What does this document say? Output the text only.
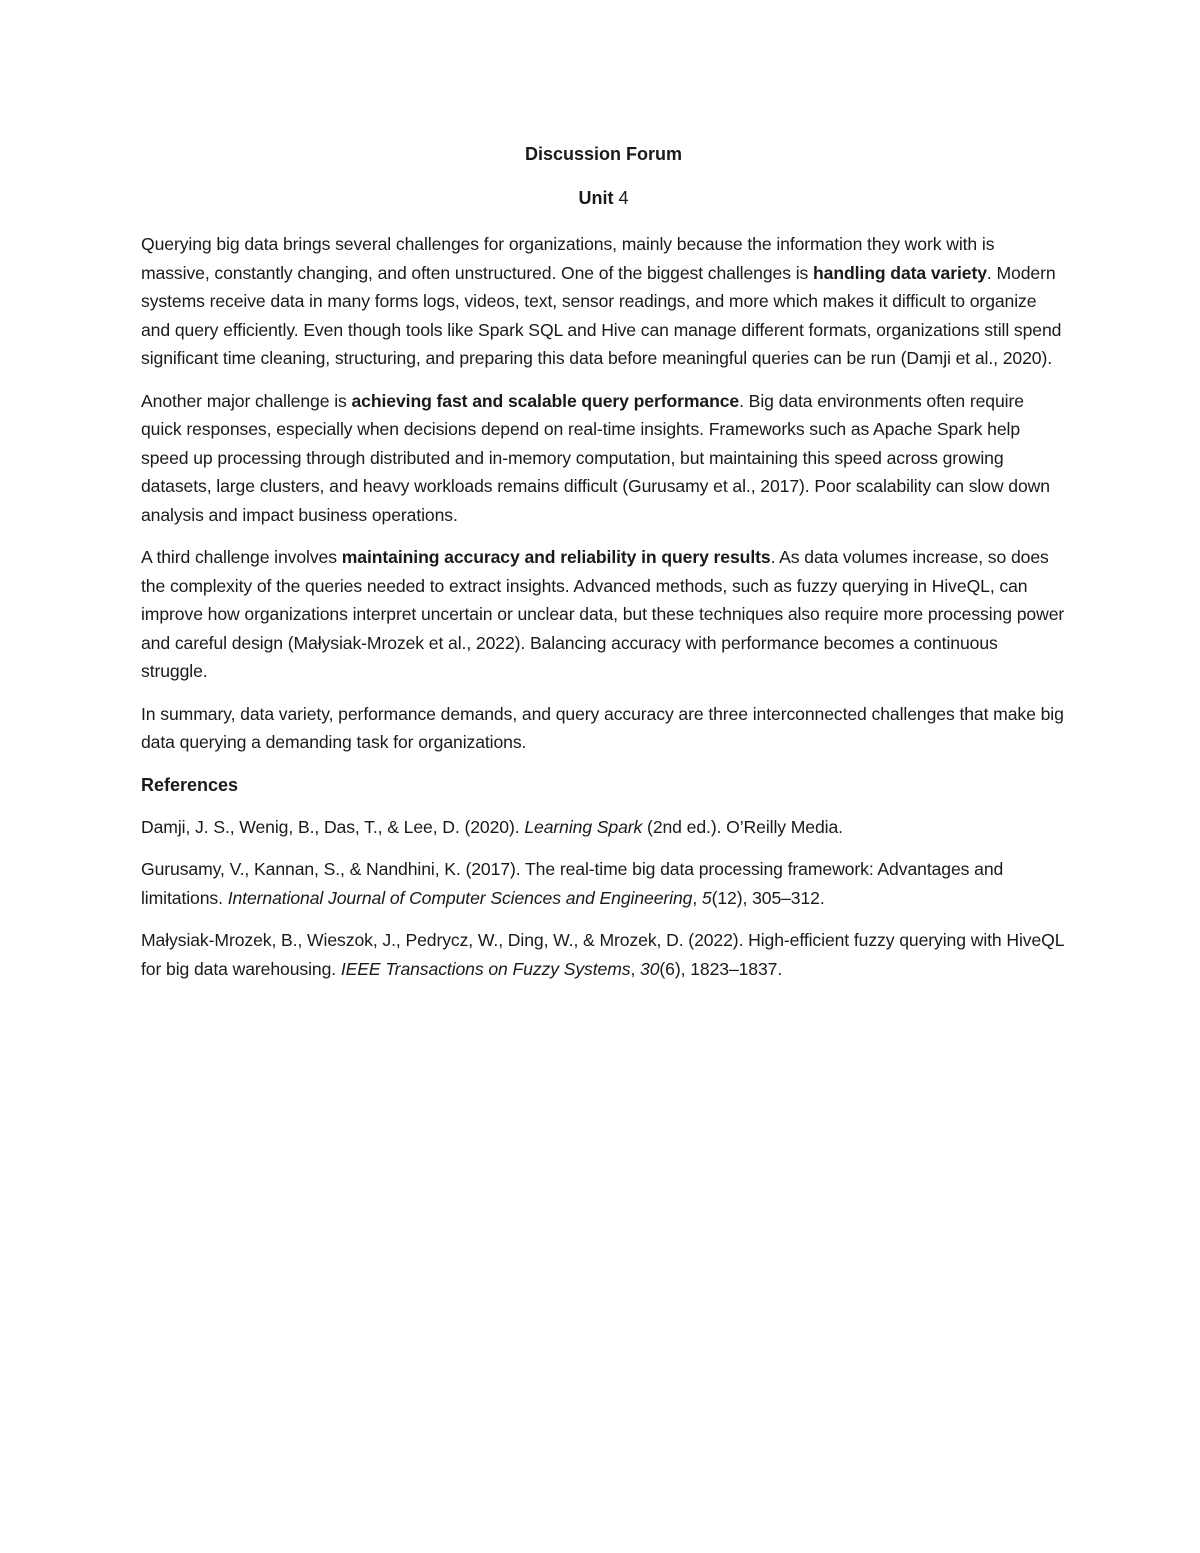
Discussion Forum
Unit 4

Querying big data brings several challenges for organizations, mainly because the information they work with is massive, constantly changing, and often unstructured. One of the biggest challenges is handling data variety. Modern systems receive data in many forms logs, videos, text, sensor readings, and more which makes it difficult to organize and query efficiently. Even though tools like Spark SQL and Hive can manage different formats, organizations still spend significant time cleaning, structuring, and preparing this data before meaningful queries can be run (Damji et al., 2020).

Another major challenge is achieving fast and scalable query performance. Big data environments often require quick responses, especially when decisions depend on real-time insights. Frameworks such as Apache Spark help speed up processing through distributed and in-memory computation, but maintaining this speed across growing datasets, large clusters, and heavy workloads remains difficult (Gurusamy et al., 2017). Poor scalability can slow down analysis and impact business operations.

A third challenge involves maintaining accuracy and reliability in query results. As data volumes increase, so does the complexity of the queries needed to extract insights. Advanced methods, such as fuzzy querying in HiveQL, can improve how organizations interpret uncertain or unclear data, but these techniques also require more processing power and careful design (Małysiak-Mrozek et al., 2022). Balancing accuracy with performance becomes a continuous struggle.

In summary, data variety, performance demands, and query accuracy are three interconnected challenges that make big data querying a demanding task for organizations.

References

Damji, J. S., Wenig, B., Das, T., & Lee, D. (2020). Learning Spark (2nd ed.). O’Reilly Media.

Gurusamy, V., Kannan, S., & Nandhini, K. (2017). The real-time big data processing framework: Advantages and limitations. International Journal of Computer Sciences and Engineering, 5(12), 305–312.

Małysiak-Mrozek, B., Wieszok, J., Pedrycz, W., Ding, W., & Mrozek, D. (2022). High-efficient fuzzy querying with HiveQL for big data warehousing. IEEE Transactions on Fuzzy Systems, 30(6), 1823–1837.
